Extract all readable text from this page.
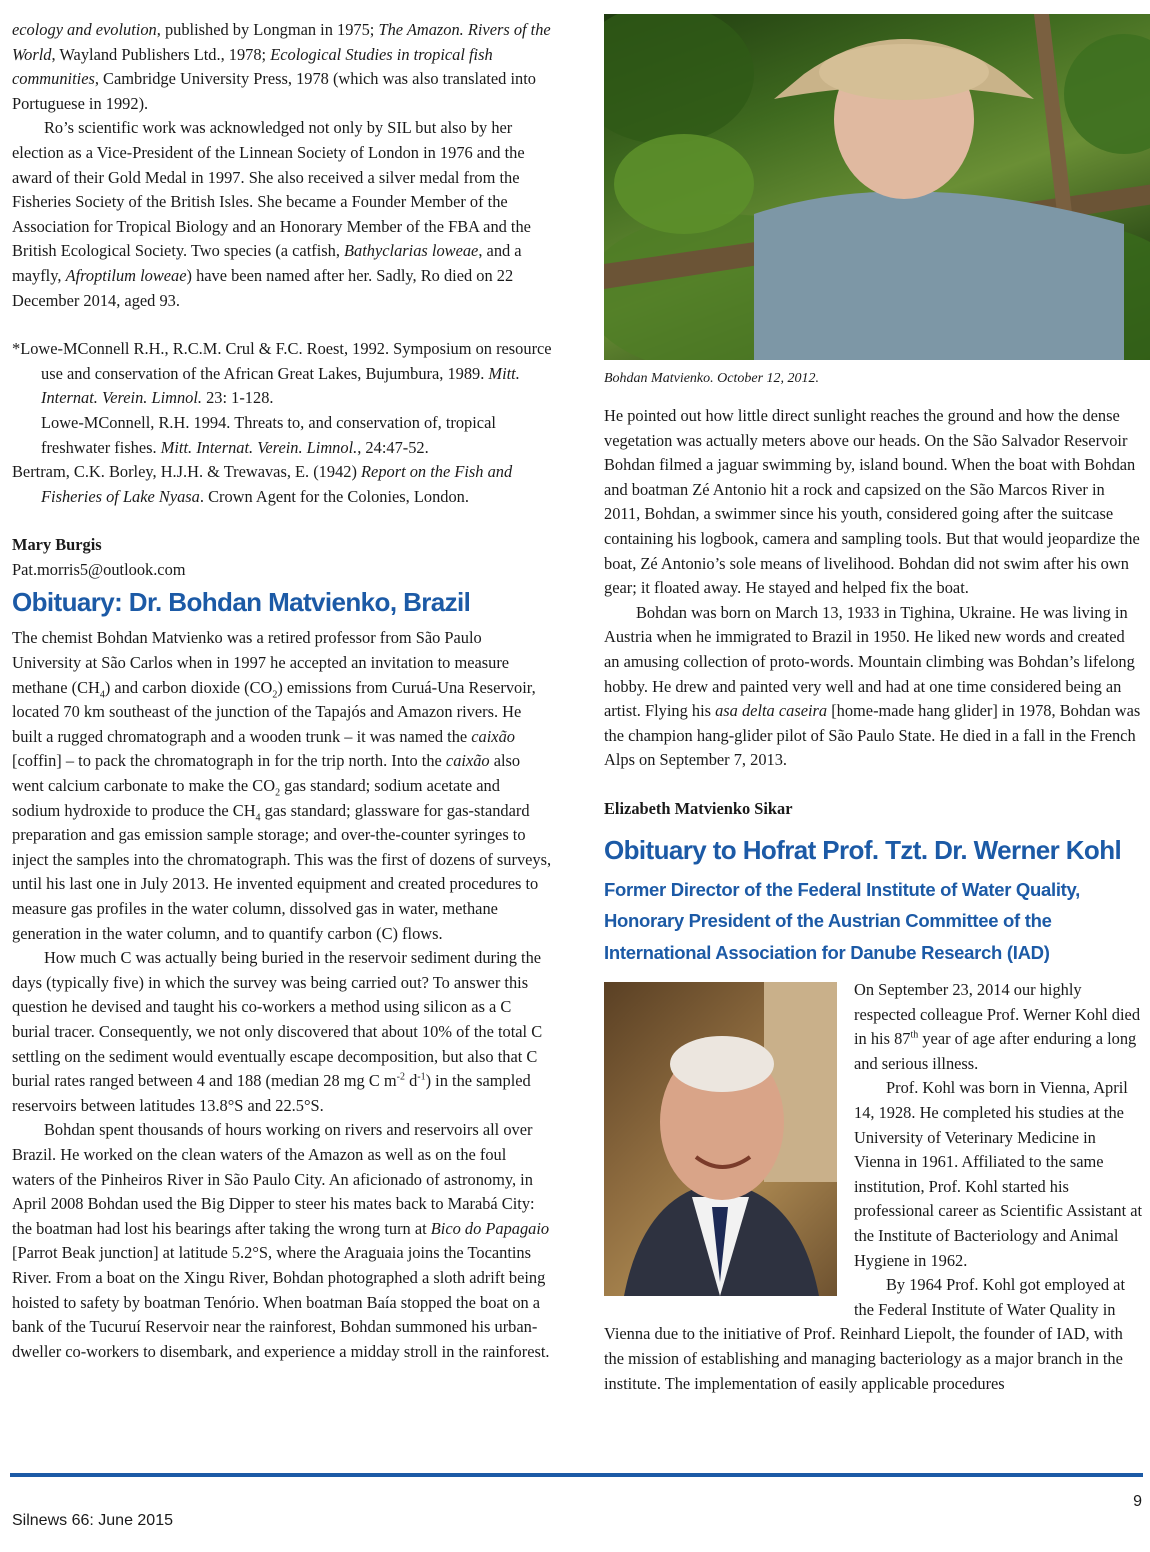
ecology and evolution, published by Longman in 1975; The Amazon. Rivers of the World, Wayland Publishers Ltd., 1978; Ecological Studies in tropical fish communities, Cambridge University Press, 1978 (which was also translated into Portuguese in 1992).

Ro’s scientific work was acknowledged not only by SIL but also by her election as a Vice-President of the Linnean Society of London in 1976 and the award of their Gold Medal in 1997. She also received a silver medal from the Fisheries Society of the British Isles. She became a Founder Member of the Association for Tropical Biology and an Honorary Member of the FBA and the British Ecological Society. Two species (a catfish, Bathyclarias loweae, and a mayfly, Afroptilum loweae) have been named after her. Sadly, Ro died on 22 December 2014, aged 93.

*Lowe-MConnell R.H., R.C.M. Crul & F.C. Roest, 1992. Symposium on resource use and conservation of the African Great Lakes, Bujumbura, 1989. Mitt. Internat. Verein. Limnol. 23: 1-128.

Lowe-MConnell, R.H. 1994. Threats to, and conservation of, tropical freshwater fishes. Mitt. Internat. Verein. Limnol., 24:47-52.

Bertram, C.K. Borley, H.J.H. & Trewavas, E. (1942) Report on the Fish and Fisheries of Lake Nyasa. Crown Agent for the Colonies, London.

Mary Burgis

Pat.morris5@outlook.com

Obituary: Dr. Bohdan Matvienko, Brazil

The chemist Bohdan Matvienko was a retired professor from São Paulo University at São Carlos when in 1997 he accepted an invitation to measure methane $(CH_4)$ and carbon dioxide $(CO_2)$ emissions from Curuá-Una Reservoir, located 70 km southeast of the junction of the Tapajós and Amazon rivers. He built a rugged chromatograph and a wooden trunk – it was named the caixão [coffin] – to pack the chromatograph in for the trip north. Into the caixão also went calcium carbonate to make the $CO_2$ gas standard; sodium acetate and sodium hydroxide to produce the $CH_4$ gas standard; glassware for gas-standard preparation and gas emission sample storage; and over-the-counter syringes to inject the samples into the chromatograph. This was the first of dozens of surveys, until his last one in July 2013. He invented equipment and created procedures to measure gas profiles in the water column, dissolved gas in water, methane generation in the water column, and to quantify carbon (C) flows.

How much C was actually being buried in the reservoir sediment during the days (typically five) in which the survey was being carried out? To answer this question he devised and taught his co-workers a method using silicon as a C burial tracer. Consequently, we not only discovered that about 10% of the total C settling on the sediment would eventually escape decomposition, but also that C burial rates ranged between 4 and 188 (median 28 mg C $m^{-2}$ $d^{-1}$) in the sampled reservoirs between latitudes 13.8°S and 22.5°S.

Bohdan spent thousands of hours working on rivers and reservoirs all over Brazil. He worked on the clean waters of the Amazon as well as on the foul waters of the Pinheiros River in São Paulo City. An aficionado of astronomy, in April 2008 Bohdan used the Big Dipper to steer his mates back to Marabá City: the boatman had lost his bearings after taking the wrong turn at Bico do Papagaio [Parrot Beak junction] at latitude 5.2°S, where the Araguaia joins the Tocantins River. From a boat on the Xingu River, Bohdan photographed a sloth adrift being hoisted to safety by boatman Tenório. When boatman Baía stopped the boat on a bank of the Tucuruí Reservoir near the rainforest, Bohdan summoned his urban-dweller co-workers to disembark, and experience a midday stroll in the rainforest.

Bohdan Matvienko. October 12, 2012.

He pointed out how little direct sunlight reaches the ground and how the dense vegetation was actually meters above our heads. On the São Salvador Reservoir Bohdan filmed a jaguar swimming by, island bound. When the boat with Bohdan and boatman Zé Antonio hit a rock and capsized on the São Marcos River in 2011, Bohdan, a swimmer since his youth, considered going after the suitcase containing his logbook, camera and sampling tools. But that would jeopardize the boat, Zé Antonio’s sole means of livelihood. Bohdan did not swim after his own gear; it floated away. He stayed and helped fix the boat.

Bohdan was born on March 13, 1933 in Tighina, Ukraine. He was living in Austria when he immigrated to Brazil in 1950. He liked new words and created an amusing collection of proto-words. Mountain climbing was Bohdan’s lifelong hobby. He drew and painted very well and had at one time considered being an artist. Flying his asa delta caseira [home-made hang glider] in 1978, Bohdan was the champion hang-glider pilot of São Paulo State. He died in a fall in the French Alps on September 7, 2013.

Elizabeth Matvienko Sikar

Obituary to Hofrat Prof. Tzt. Dr. Werner Kohl
Former Director of the Federal Institute of Water Quality, Honorary President of the Austrian Committee of the International Association for Danube Research (IAD)

On September 23, 2014 our highly respected colleague Prof. Werner Kohl died in his 87th year of age after enduring a long and serious illness.

Prof. Kohl was born in Vienna, April 14, 1928. He completed his studies at the University of Veterinary Medicine in Vienna in 1961. Affiliated to the same institution, Prof. Kohl started his professional career as Scientific Assistant at the Institute of Bacteriology and Animal Hygiene in 1962.

By 1964 Prof. Kohl got employed at the Federal Institute of Water Quality in Vienna due to the initiative of Prof. Reinhard Liepolt, the founder of IAD, with the mission of establishing and managing bacteriology as a major branch in the institute. The implementation of easily applicable procedures

9
Silnews 66: June 2015
